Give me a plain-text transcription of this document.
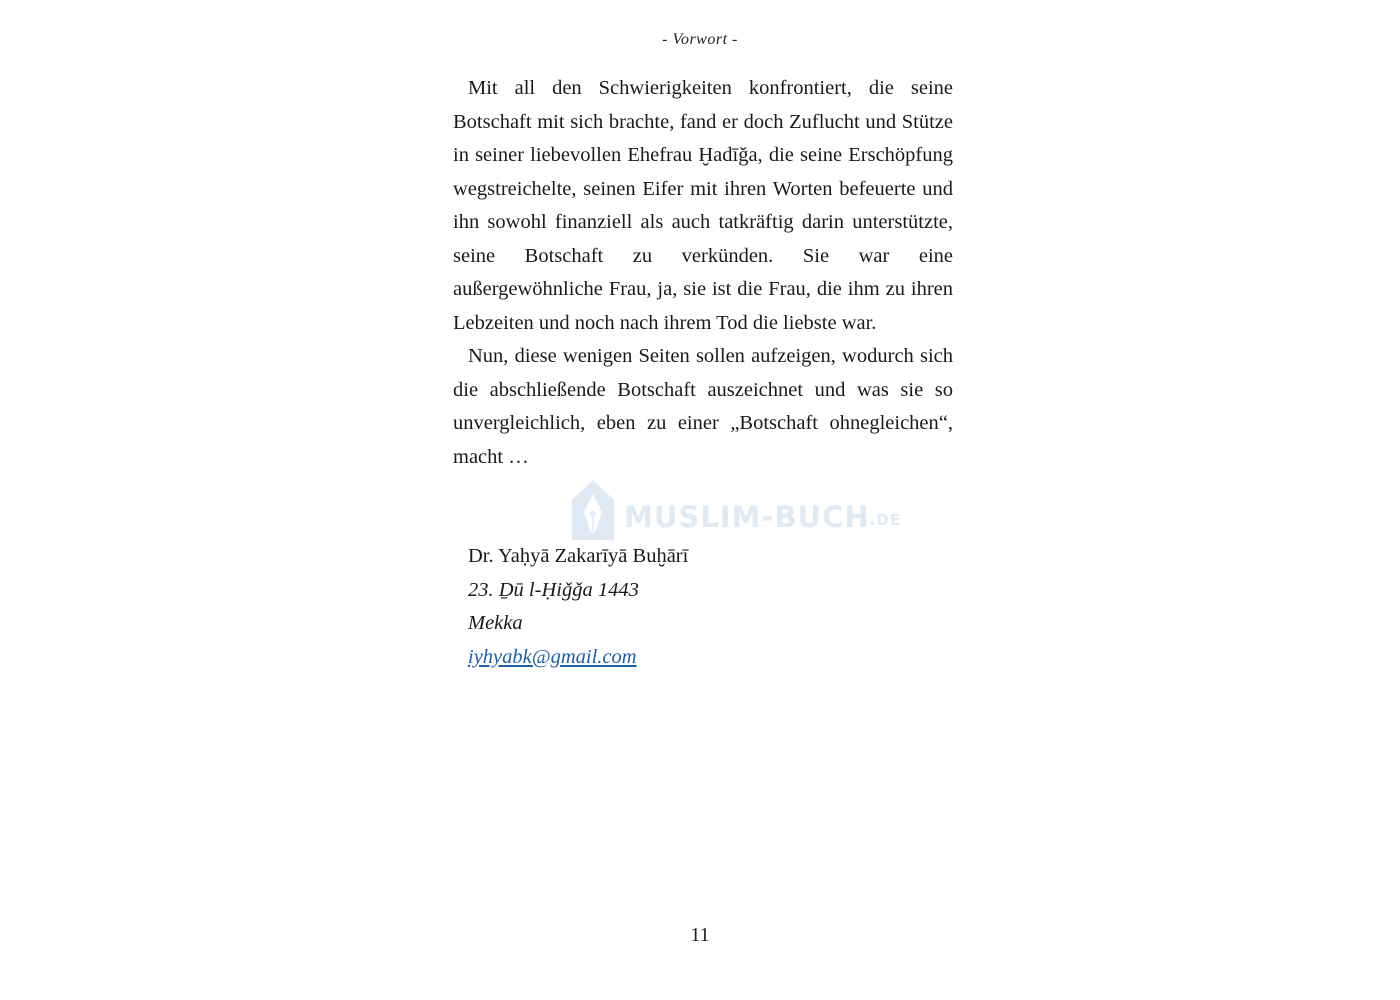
- Vorwort -

Mit all den Schwierigkeiten konfrontiert, die seine Botschaft mit sich brachte, fand er doch Zuflucht und Stütze in seiner liebevollen Ehefrau Ḫadīǧa, die seine Erschöpfung wegstreichelte, seinen Eifer mit ihren Worten befeuerte und ihn sowohl finanziell als auch tatkräftig darin unterstützte, seine Botschaft zu verkünden. Sie war eine außergewöhnliche Frau, ja, sie ist die Frau, die ihm zu ihren Lebzeiten und noch nach ihrem Tod die liebste war.

Nun, diese wenigen Seiten sollen aufzeigen, wodurch sich die abschließende Botschaft auszeichnet und was sie so unvergleichlich, eben zu einer „Botschaft ohnegleichen“, macht …

MUSLIM-BUCH.DE
Dr. Yaḥyā Zakarīyā Buḫārī
23. Ḏū l-Ḥiǧǧa 1443
Mekka
iyhyabk@gmail.com
11
